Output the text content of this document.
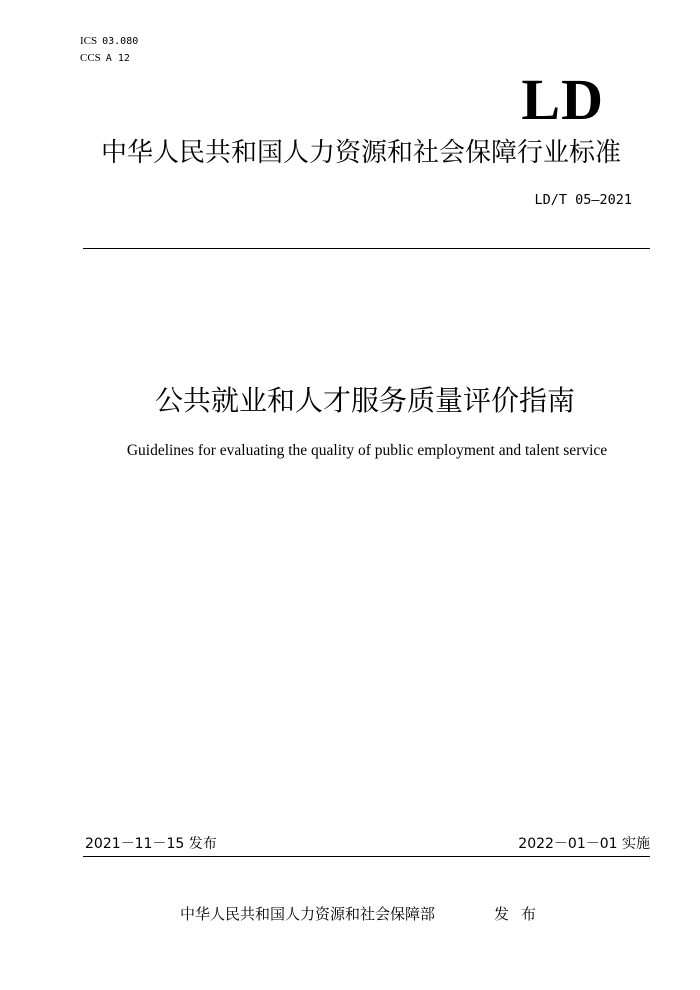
ICS 03.080
CCS A 12
LD
中华人民共和国人力资源和社会保障行业标准
LD/T 05—2021
公共就业和人才服务质量评价指南
Guidelines for evaluating the quality of public employment and talent service
2021－11－15 发布	2022－01－01 实施
中华人民共和国人力资源和社会保障部	发布
